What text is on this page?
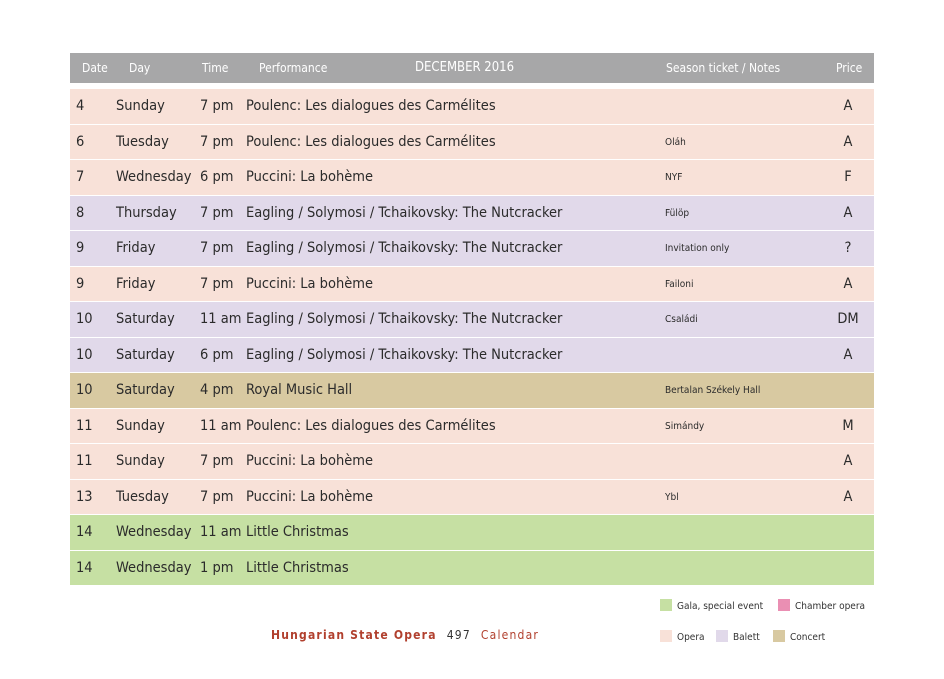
Date Day	Time	Performance	DECEMBER 2016	Season ticket / Notes	Price
4 Sunday 7 pm Poulenc: Les dialogues des Carmélites	A
6 Tuesday 7 pm Poulenc: Les dialogues des Carmélites	Oláh	A
7 Wednesday 6 pm Puccini: La bohème	NYF	F
8 Thursday 7 pm Eagling / Solymosi / Tchaikovsky: The Nutcracker	Fülöp	A
9 Friday	7 pm Eagling / Solymosi / Tchaikovsky: The Nutcracker	Invitation only	?
9 Friday	7 pm Puccini: La bohème	Failoni	A
10 Saturday 11 am Eagling / Solymosi / Tchaikovsky: The Nutcracker	Családi	DM
10 Saturday 6 pm Eagling / Solymosi / Tchaikovsky: The Nutcracker	A
10 Saturday 4 pm Royal Music Hall	Bertalan Székely Hall
11 Sunday 11 am Poulenc: Les dialogues des Carmélites	Simándy	M
11 Sunday 7 pm Puccini: La bohème	A
13 Tuesday 7 pm Puccini: La bohème	Ybl	A
14 Wednesday 11 am Little Christmas
14 Wednesday 1 pm Little Christmas
Gala, special event	Chamber opera
Opera	Balett	Concert
Hungarian State Opera 497 Calendar
